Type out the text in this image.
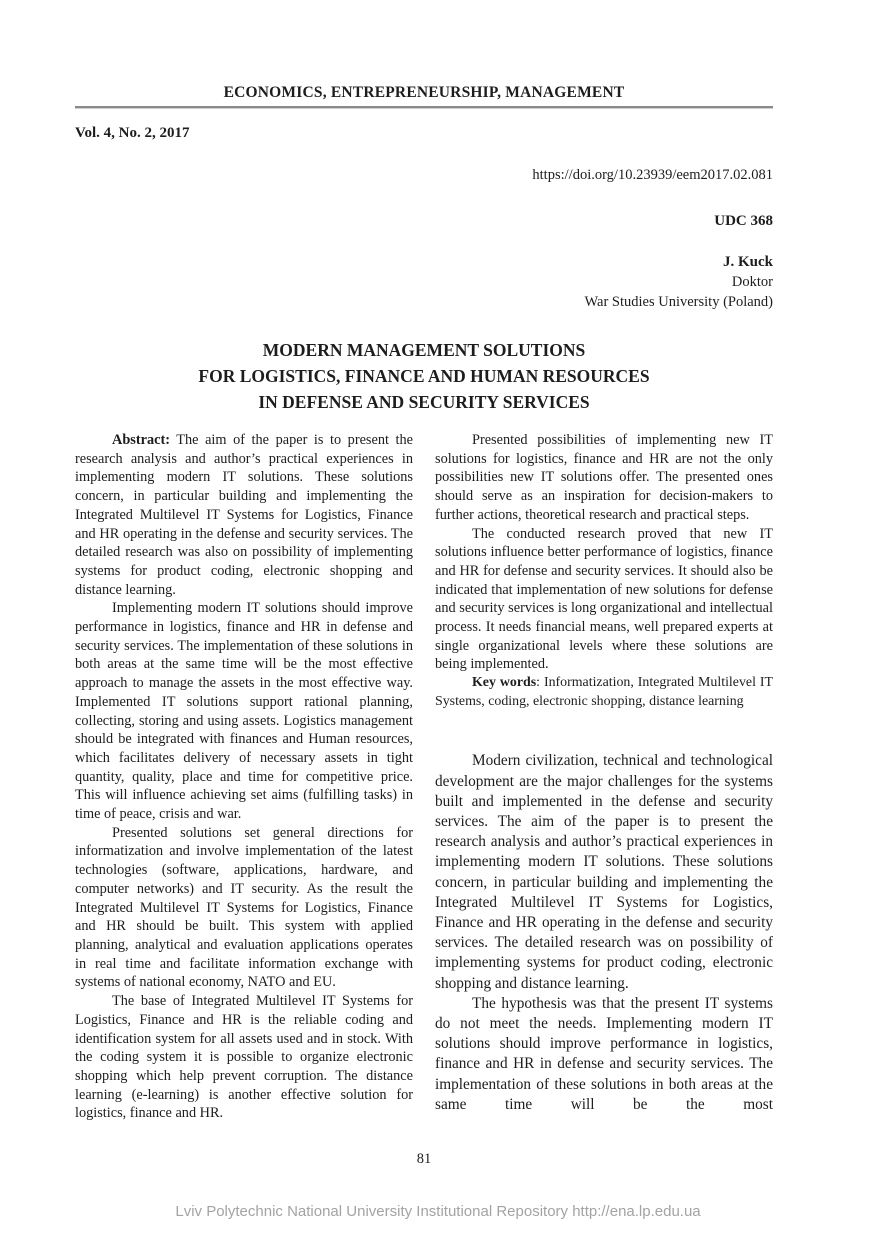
ECONOMICS, ENTREPRENEURSHIP, MANAGEMENT
Vol. 4, No. 2, 2017
https://doi.org/10.23939/eem2017.02.081
UDC 368
J. Kuck
Doktor
War Studies University (Poland)
MODERN MANAGEMENT SOLUTIONS
FOR LOGISTICS, FINANCE AND HUMAN RESOURCES
IN DEFENSE AND SECURITY SERVICES

Abstract: The aim of the paper is to present the research analysis and author’s practical experiences in implementing modern IT solutions. These solutions concern, in particular building and implementing the Integrated Multilevel IT Systems for Logistics, Finance and HR operating in the defense and security services. The detailed research was also on possibility of implementing systems for product coding, electronic shopping and distance learning.

Implementing modern IT solutions should improve performance in logistics, finance and HR in defense and security services. The implementation of these solutions in both areas at the same time will be the most effective approach to manage the assets in the most effective way. Implemented IT solutions support rational planning, collecting, storing and using assets. Logistics management should be integrated with finances and Human resources, which facilitates delivery of necessary assets in tight quantity, quality, place and time for competitive price. This will influence achieving set aims (fulfilling tasks) in time of peace, crisis and war.

Presented solutions set general directions for informatization and involve implementation of the latest technologies (software, applications, hardware, and computer networks) and IT security. As the result the Integrated Multilevel IT Systems for Logistics, Finance and HR should be built. This system with applied planning, analytical and evaluation applications operates in real time and facilitate information exchange with systems of national economy, NATO and EU.

The base of Integrated Multilevel IT Systems for Logistics, Finance and HR is the reliable coding and identification system for all assets used and in stock. With the coding system it is possible to organize electronic shopping which help prevent corruption. The distance learning (e-learning) is another effective solution for logistics, finance and HR.

Presented possibilities of implementing new IT solutions for logistics, finance and HR are not the only possibilities new IT solutions offer. The presented ones should serve as an inspiration for decision-makers to further actions, theoretical research and practical steps.

The conducted research proved that new IT solutions influence better performance of logistics, finance and HR for defense and security services. It should also be indicated that implementation of new solutions for defense and security services is long organizational and intellectual process. It needs financial means, well prepared experts at single organizational levels where these solutions are being implemented.

Key words: Informatization, Integrated Multilevel IT Systems, coding, electronic shopping, distance learning

Modern civilization, technical and technological development are the major challenges for the systems built and implemented in the defense and security services. The aim of the paper is to present the research analysis and author’s practical experiences in implementing modern IT solutions. These solutions concern, in particular building and implementing the Integrated Multilevel IT Systems for Logistics, Finance and HR operating in the defense and security services. The detailed research was on possibility of implementing systems for product coding, electronic shopping and distance learning.

The hypothesis was that the present IT systems do not meet the needs. Implementing modern IT solutions should improve performance in logistics, finance and HR in defense and security services. The implementation of these solutions in both areas at the same time will be the most

81
Lviv Polytechnic National University Institutional Repository http://ena.lp.edu.ua
